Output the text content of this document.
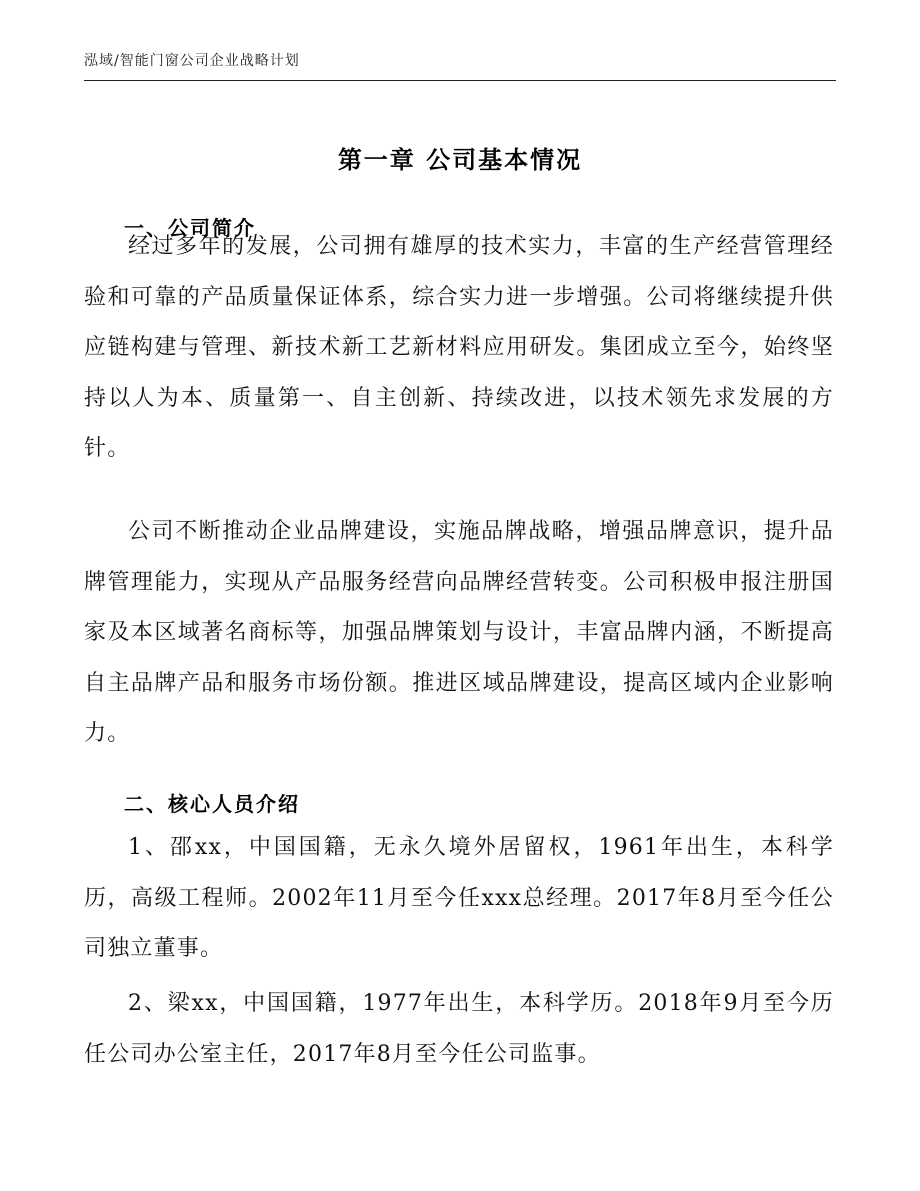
泓域/智能门窗公司企业战略计划
第一章 公司基本情况
一、公司简介

经过多年的发展，公司拥有雄厚的技术实力，丰富的生产经营管理经验和可靠的产品质量保证体系，综合实力进一步增强。公司将继续提升供应链构建与管理、新技术新工艺新材料应用研发。集团成立至今，始终坚持以人为本、质量第一、自主创新、持续改进，以技术领先求发展的方针。

公司不断推动企业品牌建设，实施品牌战略，增强品牌意识，提升品牌管理能力，实现从产品服务经营向品牌经营转变。公司积极申报注册国家及本区域著名商标等，加强品牌策划与设计，丰富品牌内涵，不断提高自主品牌产品和服务市场份额。推进区域品牌建设，提高区域内企业影响力。

二、核心人员介绍

1、邵xx，中国国籍，无永久境外居留权，1961年出生，本科学历，高级工程师。2002年11月至今任xxx总经理。2017年8月至今任公司独立董事。

2、梁xx，中国国籍，1977年出生，本科学历。2018年9月至今历任公司办公室主任，2017年8月至今任公司监事。
